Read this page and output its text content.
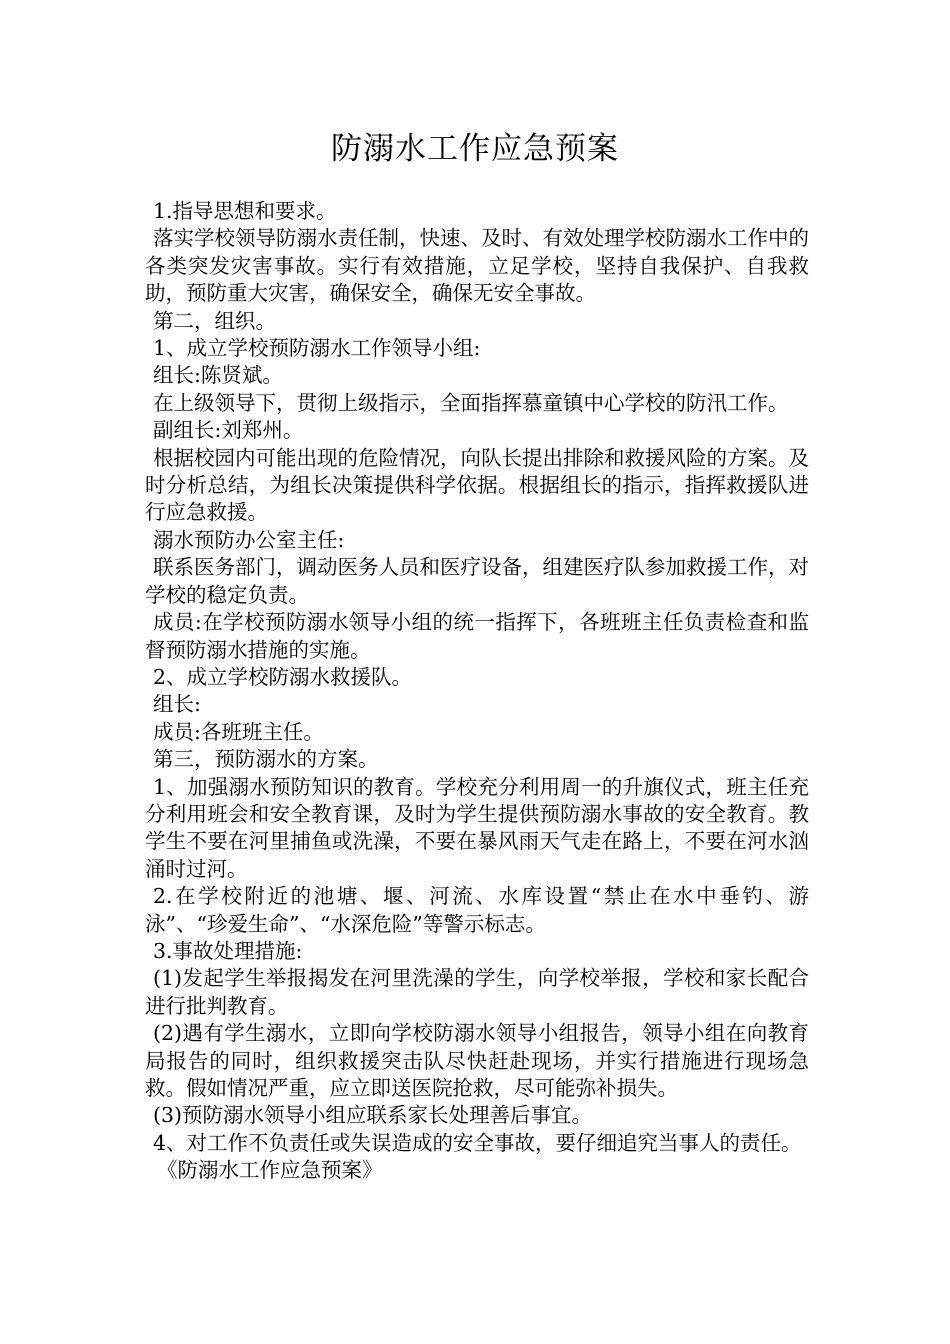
防溺水工作应急预案

1.指导思想和要求。

落实学校领导防溺水责任制，快速、及时、有效处理学校防溺水工作中的各类突发灾害事故。实行有效措施，立足学校，坚持自我保护、自我救助，预防重大灾害，确保安全，确保无安全事故。

第二，组织。

1、成立学校预防溺水工作领导小组:

组长:陈贤斌。

在上级领导下，贯彻上级指示，全面指挥慕童镇中心学校的防汛工作。

副组长:刘郑州。

根据校园内可能出现的危险情况，向队长提出排除和救援风险的方案。及时分析总结，为组长决策提供科学依据。根据组长的指示，指挥救援队进行应急救援。

溺水预防办公室主任:

联系医务部门，调动医务人员和医疗设备，组建医疗队参加救援工作，对学校的稳定负责。

成员:在学校预防溺水领导小组的统一指挥下，各班班主任负责检查和监督预防溺水措施的实施。

2、成立学校防溺水救援队。

组长:

成员:各班班主任。

第三，预防溺水的方案。

1、加强溺水预防知识的教育。学校充分利用周一的升旗仪式，班主任充分利用班会和安全教育课，及时为学生提供预防溺水事故的安全教育。教学生不要在河里捕鱼或洗澡，不要在暴风雨天气走在路上，不要在河水汹涌时过河。

2.在学校附近的池塘、堰、河流、水库设置“禁止在水中垂钓、游泳”、“珍爱生命”、“水深危险”等警示标志。

3.事故处理措施:

(1)发起学生举报揭发在河里洗澡的学生，向学校举报，学校和家长配合进行批判教育。

(2)遇有学生溺水，立即向学校防溺水领导小组报告，领导小组在向教育局报告的同时，组织救援突击队尽快赶赴现场，并实行措施进行现场急救。假如情况严重，应立即送医院抢救，尽可能弥补损失。

(3)预防溺水领导小组应联系家长处理善后事宜。

4、对工作不负责任或失误造成的安全事故，要仔细追究当事人的责任。

《防溺水工作应急预案》
